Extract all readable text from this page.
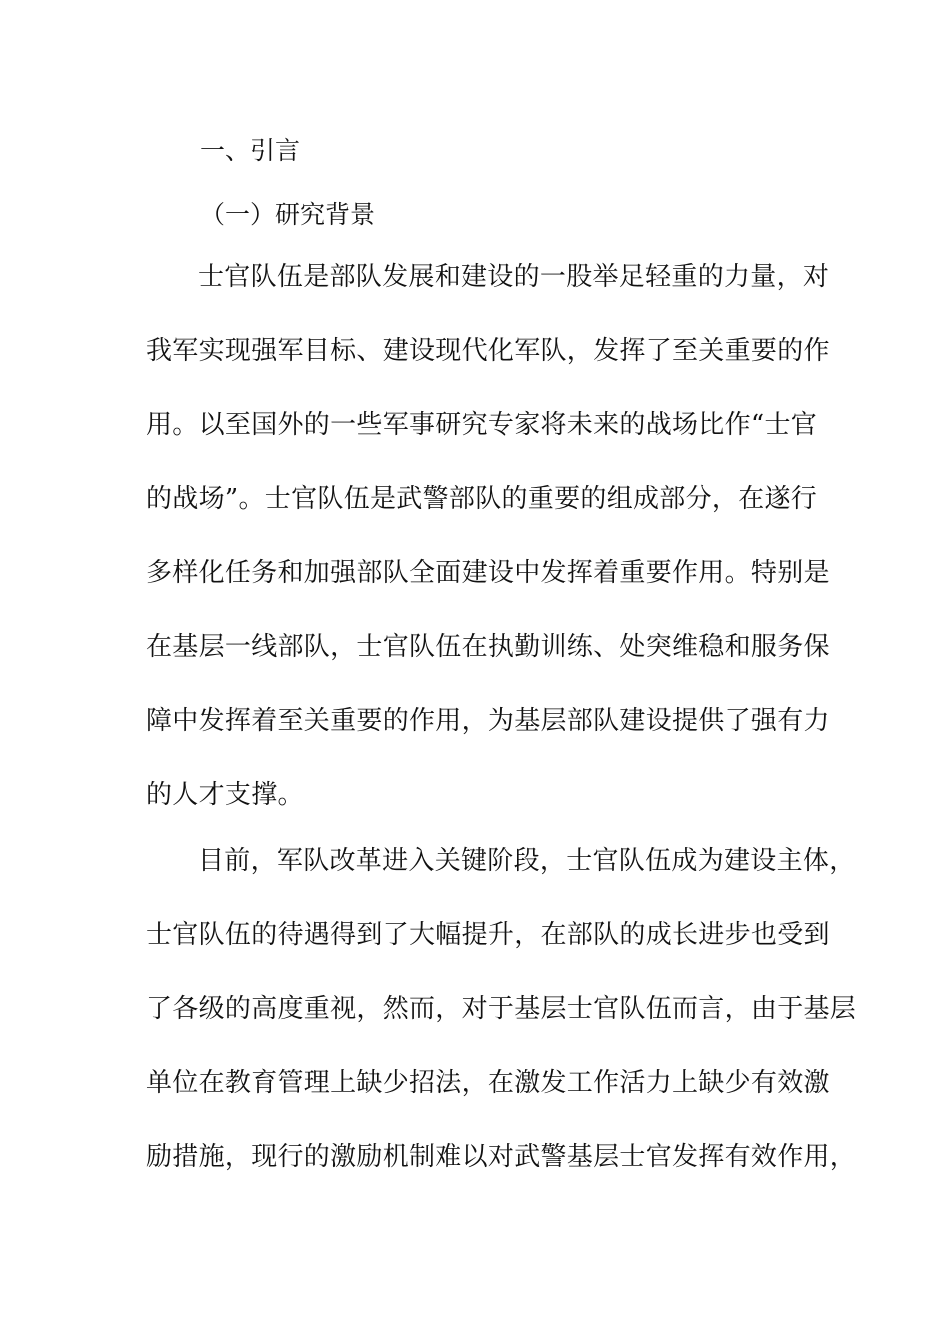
一、引言
（一）研究背景
士官队伍是部队发展和建设的一股举足轻重的力量，对
我军实现强军目标、建设现代化军队，发挥了至关重要的作
用。以至国外的一些军事研究专家将未来的战场比作“士官
的战场”。士官队伍是武警部队的重要的组成部分，在遂行
多样化任务和加强部队全面建设中发挥着重要作用。特别是
在基层一线部队，士官队伍在执勤训练、处突维稳和服务保
障中发挥着至关重要的作用，为基层部队建设提供了强有力
的人才支撑。
目前，军队改革进入关键阶段，士官队伍成为建设主体，
士官队伍的待遇得到了大幅提升，在部队的成长进步也受到
了各级的高度重视，然而，对于基层士官队伍而言，由于基层
单位在教育管理上缺少招法，在激发工作活力上缺少有效激
励措施，现行的激励机制难以对武警基层士官发挥有效作用，
